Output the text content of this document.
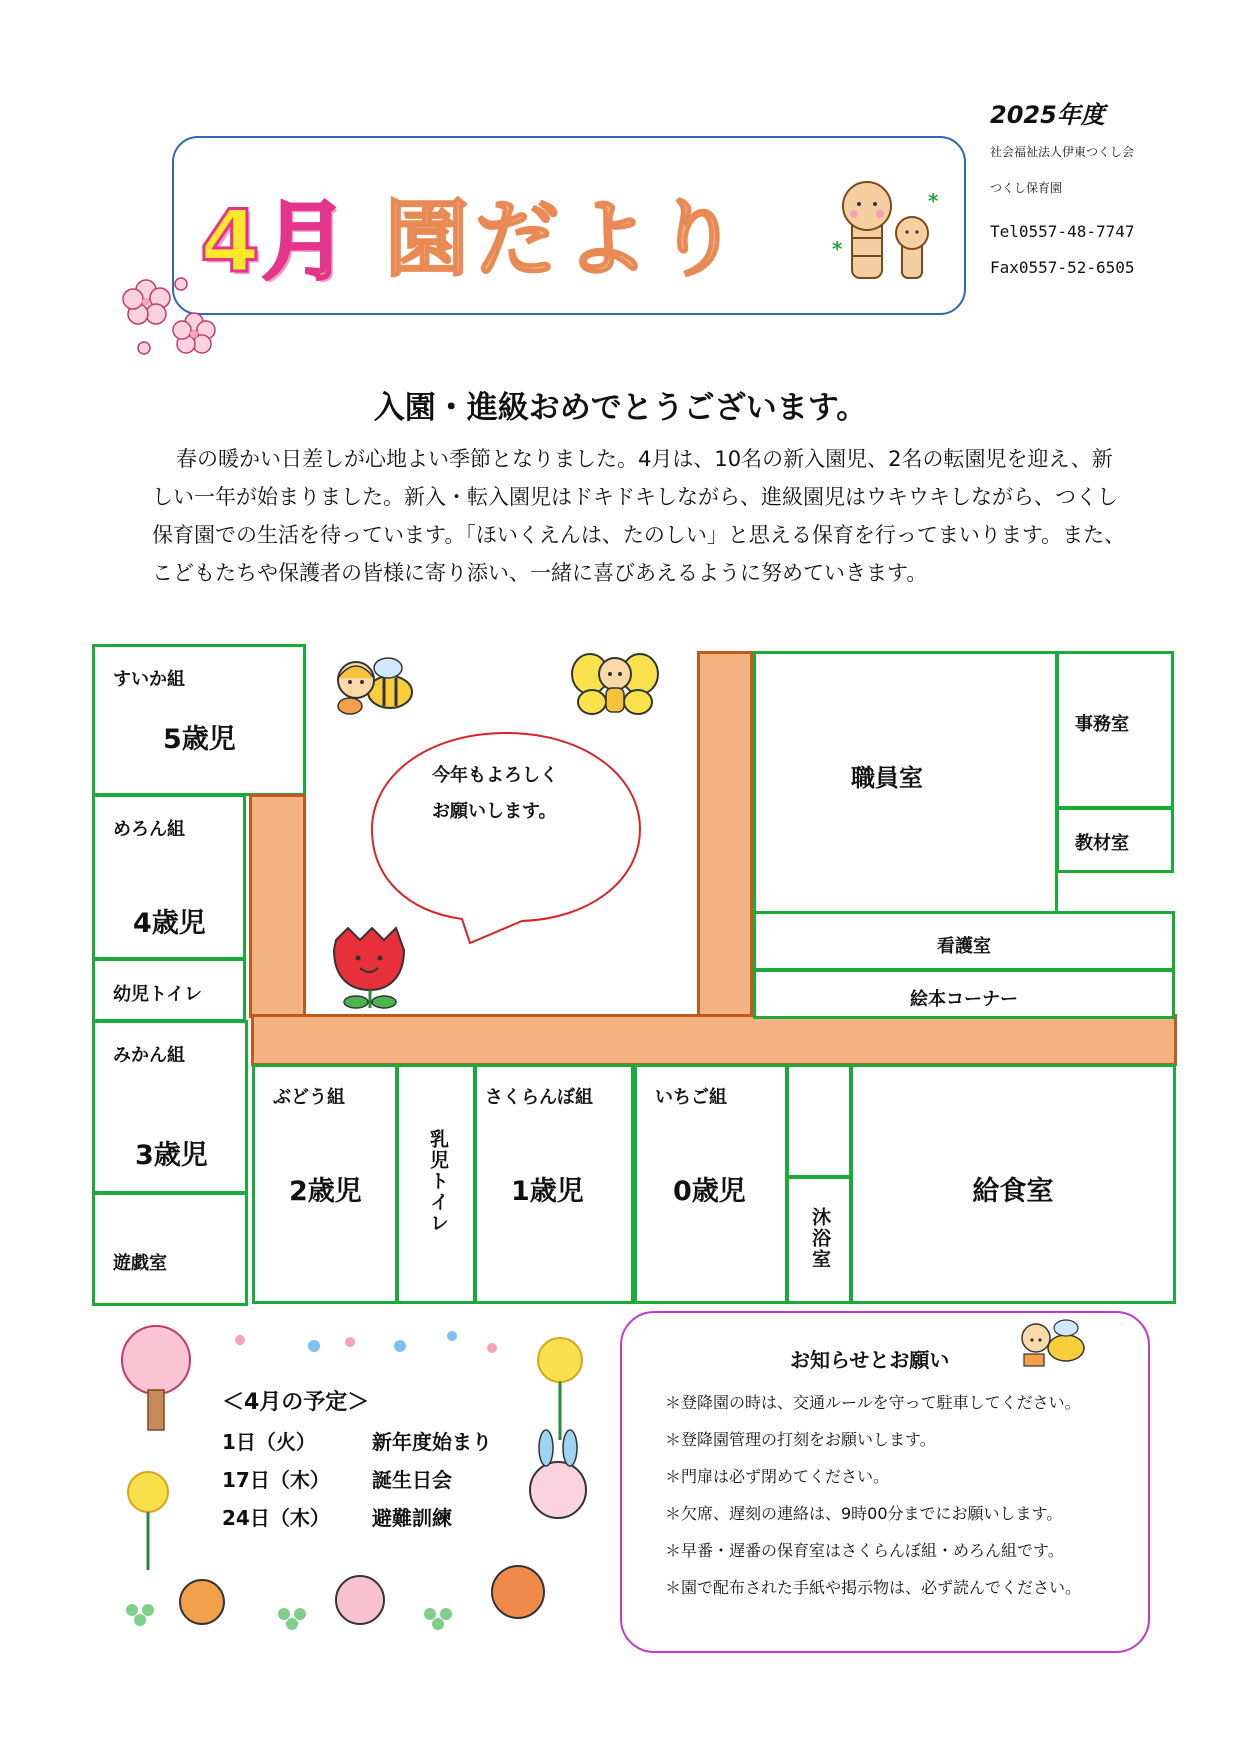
2025年度
社会福祉法人伊東つくし会
つくし保育園
Tel0557-48-7747
Fax0557-52-6505
4月 園だより	*
*
入園・進級おめでとうございます。
春の暖かい日差しが心地よい季節となりました。4月は、10名の新入園児、2名の転園児を迎え、新しい一年が始まりました。新入・転入園児はドキドキしながら、進級園児はウキウキしながら、つくし保育園での生活を待っています。「ほいくえんは、たのしい」と思える保育を行ってまいります。また、こどもたちや保護者の皆様に寄り添い、一緒に喜びあえるように努めていきます。
すいか組
5歳児
めろん組
4歳児
幼児トイレ
みかん組
3歳児
遊戯室
ぶどう組
2歳児	乳児トイレ
さくらんぼ組
1歳児
いちご組
0歳児
沐浴室
給食室
職員室
事務室
教材室
看護室
絵本コーナー
今年もよろしく
お願いします。
＜4月の予定＞
1日（火）	新年度始まり
17日（木） 誕生日会
24日（木） 避難訓練
お知らせとお願い
＊登降園の時は、交通ルールを守って駐車してください。
＊登降園管理の打刻をお願いします。
＊門扉は必ず閉めてください。
＊欠席、遅刻の連絡は、9時00分までにお願いします。
＊早番・遅番の保育室はさくらんぼ組・めろん組です。
＊園で配布された手紙や掲示物は、必ず読んでください。
